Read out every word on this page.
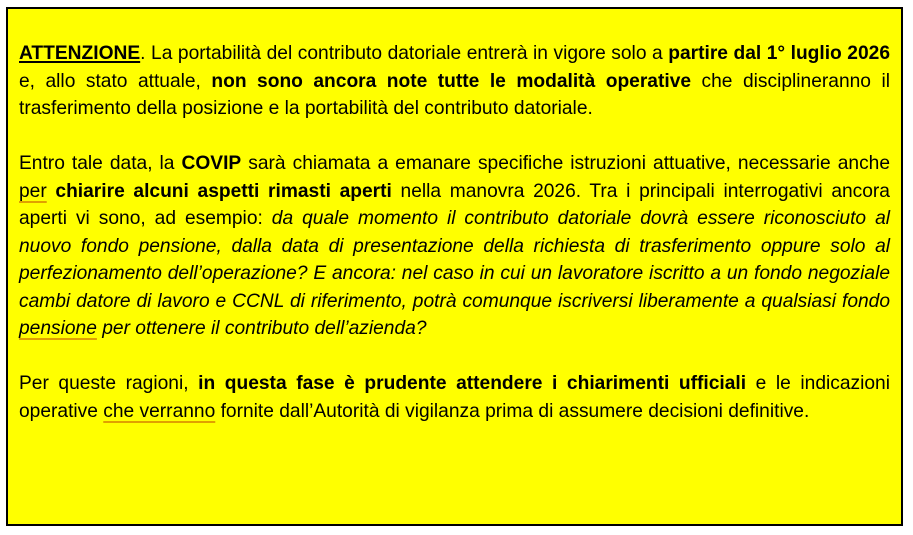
ATTENZIONE. La portabilità del contributo datoriale entrerà in vigore solo a partire dal 1° luglio 2026 e, allo stato attuale, non sono ancora note tutte le modalità operative che disciplineranno il trasferimento della posizione e la portabilità del contributo datoriale.

Entro tale data, la COVIP sarà chiamata a emanare specifiche istruzioni attuative, necessarie anche per chiarire alcuni aspetti rimasti aperti nella manovra 2026. Tra i principali interrogativi ancora aperti vi sono, ad esempio: da quale momento il contributo datoriale dovrà essere riconosciuto al nuovo fondo pensione, dalla data di presentazione della richiesta di trasferimento oppure solo al perfezionamento dell’operazione? E ancora: nel caso in cui un lavoratore iscritto a un fondo negoziale cambi datore di lavoro e CCNL di riferimento, potrà comunque iscriversi liberamente a qualsiasi fondo pensione per ottenere il contributo dell’azienda?

Per queste ragioni, in questa fase è prudente attendere i chiarimenti ufficiali e le indicazioni operative che verranno fornite dall’Autorità di vigilanza prima di assumere decisioni definitive.
